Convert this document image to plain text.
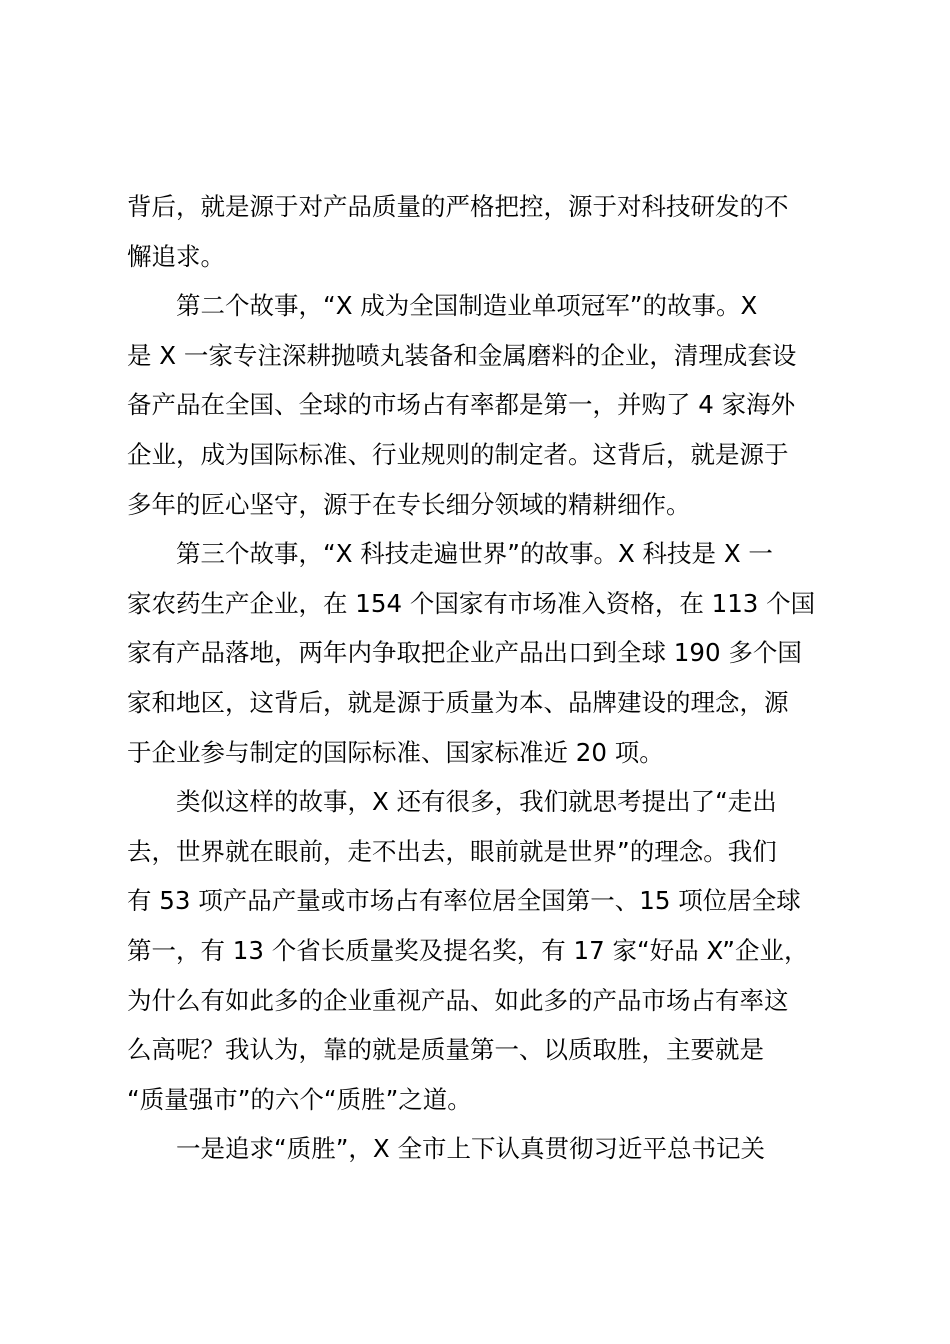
背后，就是源于对产品质量的严格把控，源于对科技研发的不
懈追求。
　　第二个故事，“X 成为全国制造业单项冠军”的故事。X
是 X 一家专注深耕抛喷丸装备和金属磨料的企业，清理成套设
备产品在全国、全球的市场占有率都是第一，并购了 4 家海外
企业，成为国际标准、行业规则的制定者。这背后，就是源于
多年的匠心坚守，源于在专长细分领域的精耕细作。
　　第三个故事，“X 科技走遍世界”的故事。X 科技是 X 一
家农药生产企业，在 154 个国家有市场准入资格，在 113 个国
家有产品落地，两年内争取把企业产品出口到全球 190 多个国
家和地区，这背后，就是源于质量为本、品牌建设的理念，源
于企业参与制定的国际标准、国家标准近 20 项。
　　类似这样的故事，X 还有很多，我们就思考提出了“走出
去，世界就在眼前，走不出去，眼前就是世界”的理念。我们
有 53 项产品产量或市场占有率位居全国第一、15 项位居全球
第一，有 13 个省长质量奖及提名奖，有 17 家“好品 X”企业，
为什么有如此多的企业重视产品、如此多的产品市场占有率这
么高呢？我认为，靠的就是质量第一、以质取胜，主要就是
“质量强市”的六个“质胜”之道。
　　一是追求“质胜”，X 全市上下认真贯彻习近平总书记关
